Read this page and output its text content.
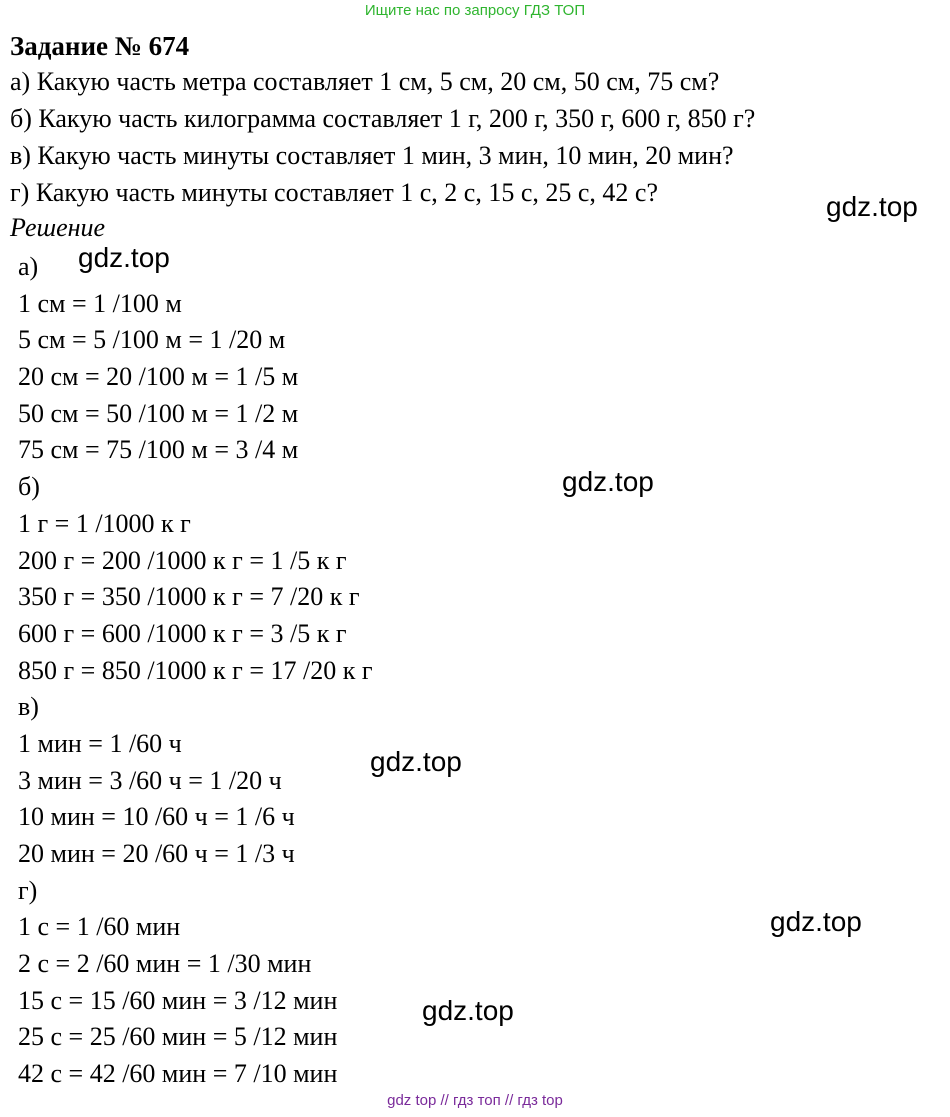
Ищите нас по запросу ГДЗ ТОП
Задание № 674
а) Какую часть метра составляет 1 см, 5 см, 20 см, 50 см, 75 см?
б) Какую часть килограмма составляет 1 г, 200 г, 350 г, 600 г, 850 г?
в) Какую часть минуты составляет 1 мин, 3 мин, 10 мин, 20 мин?
г) Какую часть минуты составляет 1 с, 2 с, 15 с, 25 с, 42 с?
Решение
а)
1 см = 1 /100 м
5 см = 5 /100 м = 1 /20 м
20 см = 20 /100 м = 1 /5 м
50 см = 50 /100 м = 1 /2 м
75 см = 75 /100 м = 3 /4 м
б)
1 г = 1 /1000 к г
200 г = 200 /1000 к г = 1 /5 к г
350 г = 350 /1000 к г = 7 /20 к г
600 г = 600 /1000 к г = 3 /5 к г
850 г = 850 /1000 к г = 17 /20 к г
в)
1 мин = 1 /60 ч
3 мин = 3 /60 ч = 1 /20 ч
10 мин = 10 /60 ч = 1 /6 ч
20 мин = 20 /60 ч = 1 /3 ч
г)
1 с = 1 /60 мин
2 с = 2 /60 мин = 1 /30 мин
15 с = 15 /60 мин = 3 /12 мин
25 с = 25 /60 мин = 5 /12 мин
42 с = 42 /60 мин = 7 /10 мин
gdz.top
gdz.top
gdz.top
gdz.top
gdz.top
gdz.top
gdz top // гдз топ // гдз top
